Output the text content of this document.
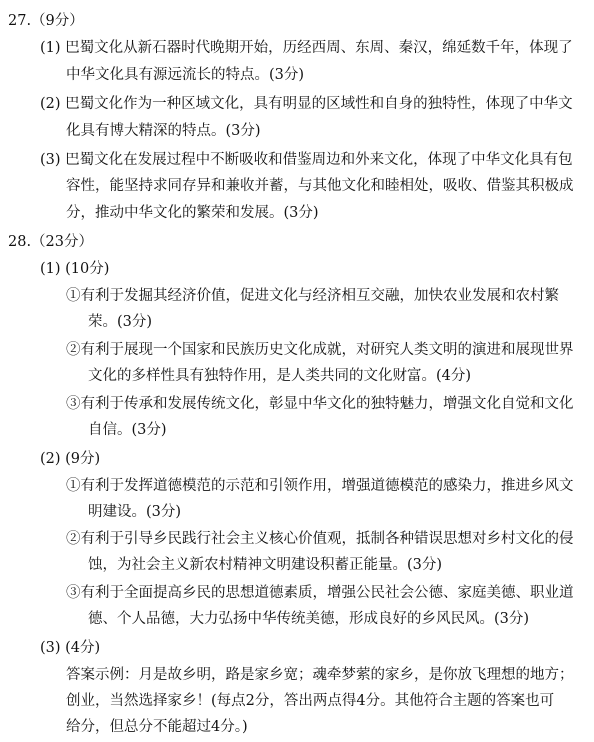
27.（9分）
(1) 巴蜀文化从新石器时代晚期开始，历经西周、东周、秦汉，绵延数千年，体现了
中华文化具有源远流长的特点。(3分)
(2) 巴蜀文化作为一种区域文化，具有明显的区域性和自身的独特性，体现了中华文
化具有博大精深的特点。(3分)
(3) 巴蜀文化在发展过程中不断吸收和借鉴周边和外来文化，体现了中华文化具有包
容性，能坚持求同存异和兼收并蓄，与其他文化和睦相处，吸收、借鉴其积极成
分，推动中华文化的繁荣和发展。(3分)
28.（23分）
(1) (10分)
①有利于发掘其经济价值，促进文化与经济相互交融，加快农业发展和农村繁
荣。(3分)
②有利于展现一个国家和民族历史文化成就，对研究人类文明的演进和展现世界
文化的多样性具有独特作用，是人类共同的文化财富。(4分)
③有利于传承和发展传统文化，彰显中华文化的独特魅力，增强文化自觉和文化
自信。(3分)
(2) (9分)
①有利于发挥道德模范的示范和引领作用，增强道德模范的感染力，推进乡风文
明建设。(3分)
②有利于引导乡民践行社会主义核心价值观，抵制各种错误思想对乡村文化的侵
蚀，为社会主义新农村精神文明建设积蓄正能量。(3分)
③有利于全面提高乡民的思想道德素质，增强公民社会公德、家庭美德、职业道
德、个人品德，大力弘扬中华传统美德，形成良好的乡风民风。(3分)
(3) (4分)
答案示例：月是故乡明，路是家乡宽；魂牵梦萦的家乡，是你放飞理想的地方；
创业，当然选择家乡！(每点2分，答出两点得4分。其他符合主题的答案也可
给分，但总分不能超过4分。)
